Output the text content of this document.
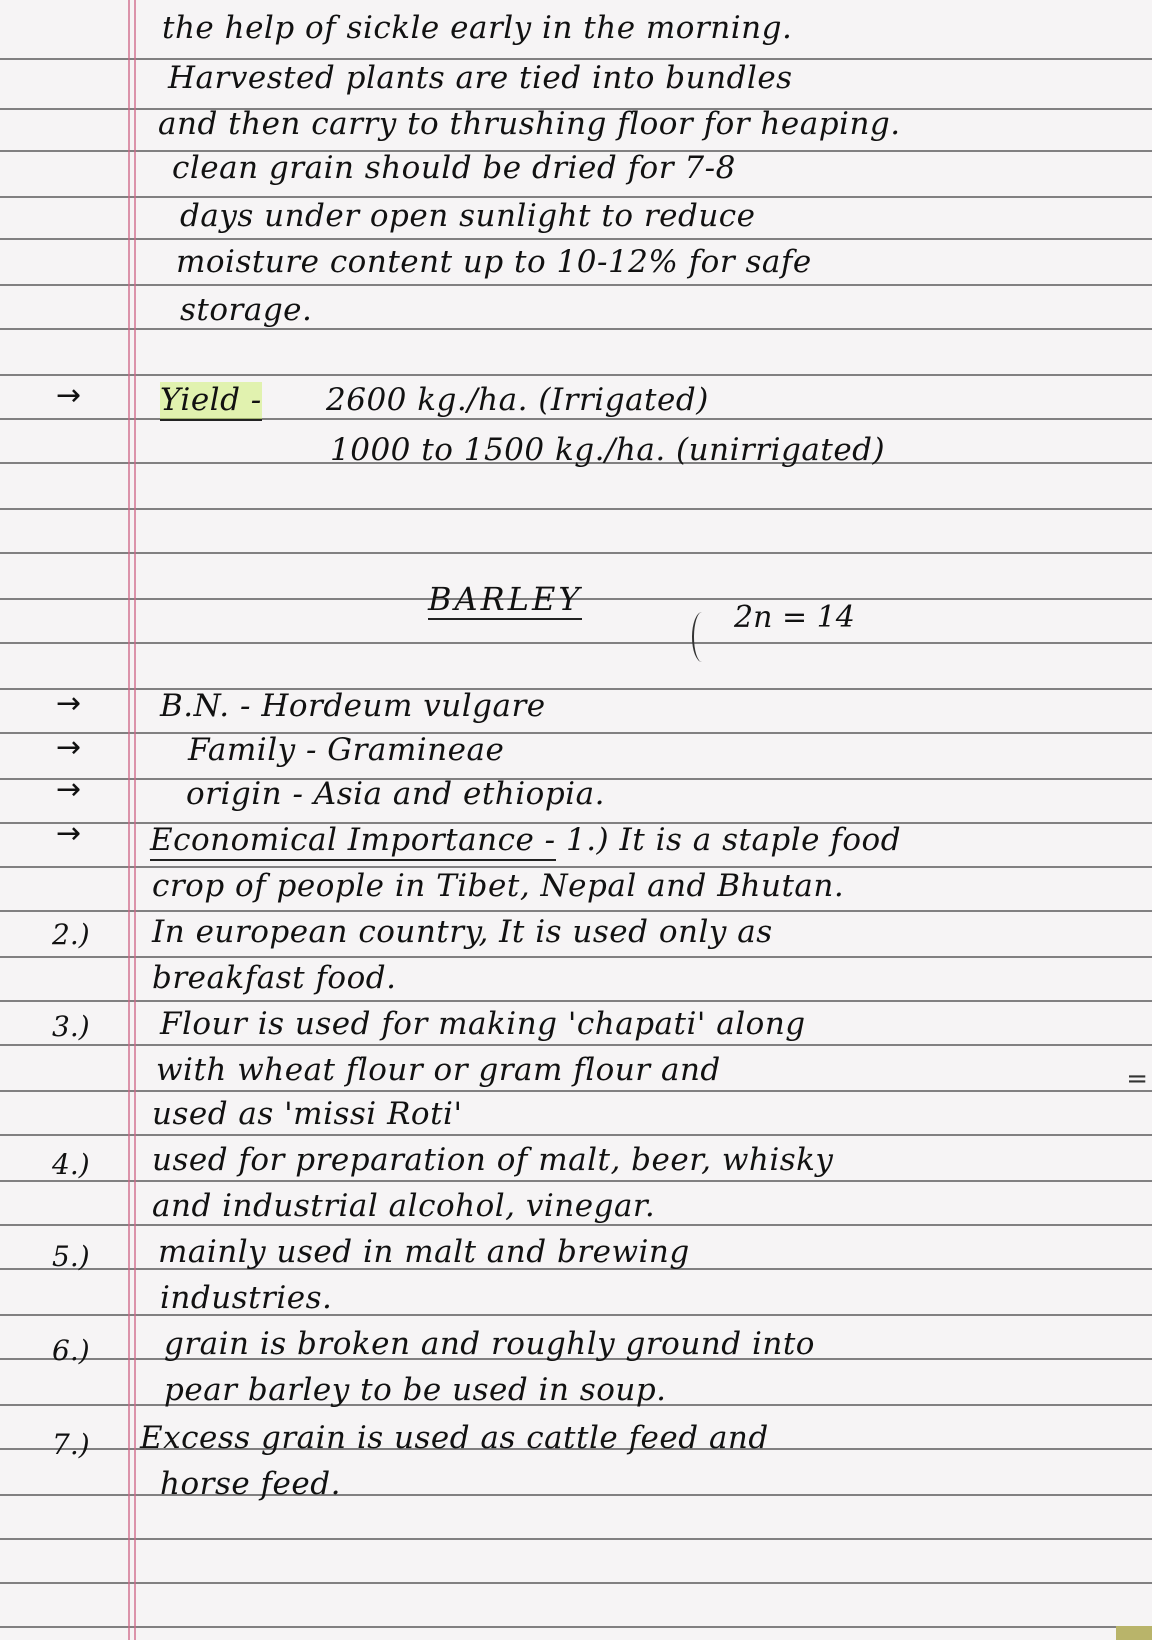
the help of sickle early in the morning.
Harvested plants are tied into bundles
and then carry to thrushing floor for heaping.
clean grain should be dried for 7-8
days under open sunlight to reduce
moisture content up to 10-12% for safe
storage.
→	Yield - 2600 kg./ha. (Irrigated)
1000 to 1500 kg./ha. (unirrigated)
BARLEY	2n = 14
→	B.N. - Hordeum vulgare
→	Family - Gramineae
→	origin - Asia and ethiopia.
→ Economical Importance - 1.) It is a staple food
crop of people in Tibet, Nepal and Bhutan.
2.) In european country, It is used only as
breakfast food.
3.) Flour is used for making 'chapati' along
with wheat flour or gram flour and
used as 'missi Roti'
4.) used for preparation of malt, beer, whisky
and industrial alcohol, vinegar.
5.) mainly used in malt and brewing
industries.
6.) grain is broken and roughly ground into
pear barley to be used in soup.
7.) Excess grain is used as cattle feed and
horse feed.
=
